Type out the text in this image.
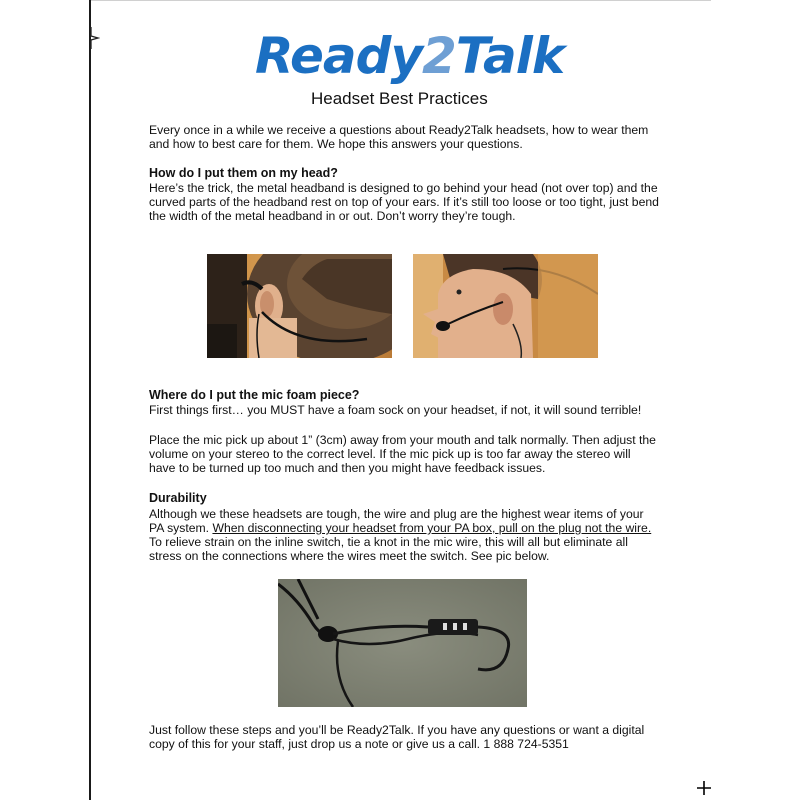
Ready2Talk
Headset Best Practices
Every once in a while we receive a questions about Ready2Talk headsets, how to wear them and how to best care for them. We hope this answers your questions.
How do I put them on my head?
Here’s the trick, the metal headband is designed to go behind your head (not over top) and the curved parts of the headband rest on top of your ears. If it’s still too loose or too tight, just bend the width of the metal headband in or out. Don’t worry they’re tough.
Where do I put the mic foam piece?
First things first… you MUST have a foam sock on your headset, if not, it will sound terrible!
Place the mic pick up about 1” (3cm) away from your mouth and talk normally. Then adjust the volume on your stereo to the correct level. If the mic pick up is too far away the stereo will have to be turned up too much and then you might have feedback issues.
Durability
Although we these headsets are tough, the wire and plug are the highest wear items of your PA system. When disconnecting your headset from your PA box, pull on the plug not the wire. To relieve strain on the inline switch, tie a knot in the mic wire, this will all but eliminate all stress on the connections where the wires meet the switch. See pic below.
Just follow these steps and you’ll be Ready2Talk. If you have any questions or want a digital copy of this for your staff, just drop us a note or give us a call. 1 888 724-5351
